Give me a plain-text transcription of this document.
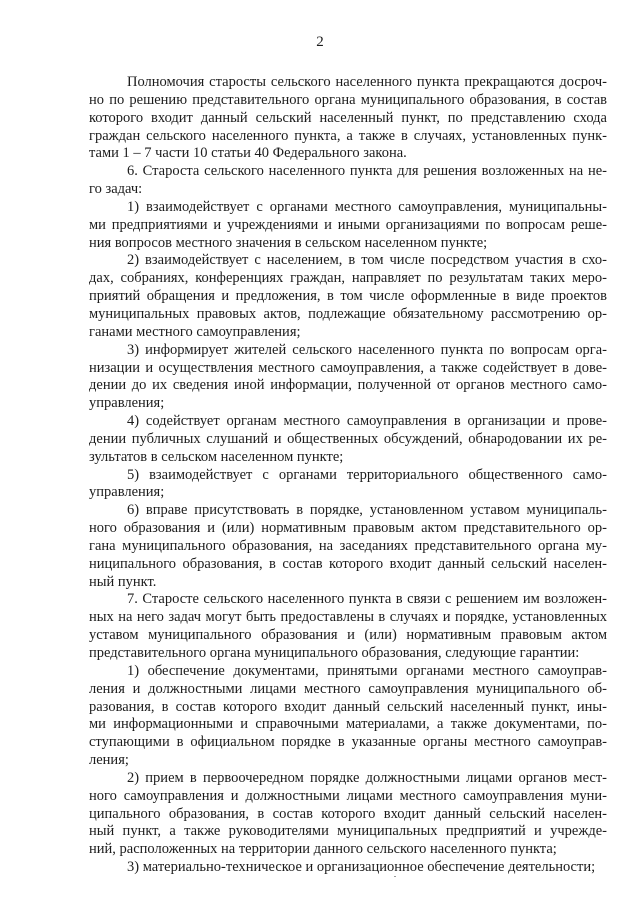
2
Полномочия старосты сельского населенного пункта прекращаются досроч-
но по решению представительного органа муниципального образования, в состав
которого входит данный сельский населенный пункт, по представлению схода
граждан сельского населенного пункта, а также в случаях, установленных пунк-
тами 1 – 7 части 10 статьи 40 Федерального закона.
6. Староста сельского населенного пункта для решения возложенных на не-
го задач:
1) взаимодействует с органами местного самоуправления, муниципальны-
ми предприятиями и учреждениями и иными организациями по вопросам реше-
ния вопросов местного значения в сельском населенном пункте;
2) взаимодействует с населением, в том числе посредством участия в схо-
дах, собраниях, конференциях граждан, направляет по результатам таких меро-
приятий обращения и предложения, в том числе оформленные в виде проектов
муниципальных правовых актов, подлежащие обязательному рассмотрению ор-
ганами местного самоуправления;
3) информирует жителей сельского населенного пункта по вопросам орга-
низации и осуществления местного самоуправления, а также содействует в дове-
дении до их сведения иной информации, полученной от органов местного само-
управления;
4) содействует органам местного самоуправления в организации и прове-
дении публичных слушаний и общественных обсуждений, обнародовании их ре-
зультатов в сельском населенном пункте;
5) взаимодействует с органами территориального общественного само-
управления;
6) вправе присутствовать в порядке, установленном уставом муниципаль-
ного образования и (или) нормативным правовым актом представительного ор-
гана муниципального образования, на заседаниях представительного органа му-
ниципального образования, в состав которого входит данный сельский населен-
ный пункт.
7. Старосте сельского населенного пункта в связи с решением им возложен-
ных на него задач могут быть предоставлены в случаях и порядке, установленных
уставом муниципального образования и (или) нормативным правовым актом
представительного органа муниципального образования, следующие гарантии:
1) обеспечение документами, принятыми органами местного самоуправ-
ления и должностными лицами местного самоуправления муниципального об-
разования, в состав которого входит данный сельский населенный пункт, ины-
ми информационными и справочными материалами, а также документами, по-
ступающими в официальном порядке в указанные органы местного самоуправ-
ления;
2) прием в первоочередном порядке должностными лицами органов мест-
ного самоуправления и должностными лицами местного самоуправления муни-
ципального образования, в состав которого входит данный сельский населен-
ный пункт, а также руководителями муниципальных предприятий и учрежде-
ний, расположенных на территории данного сельского населенного пункта;
3) материально-техническое и организационное обеспечение деятельности;
